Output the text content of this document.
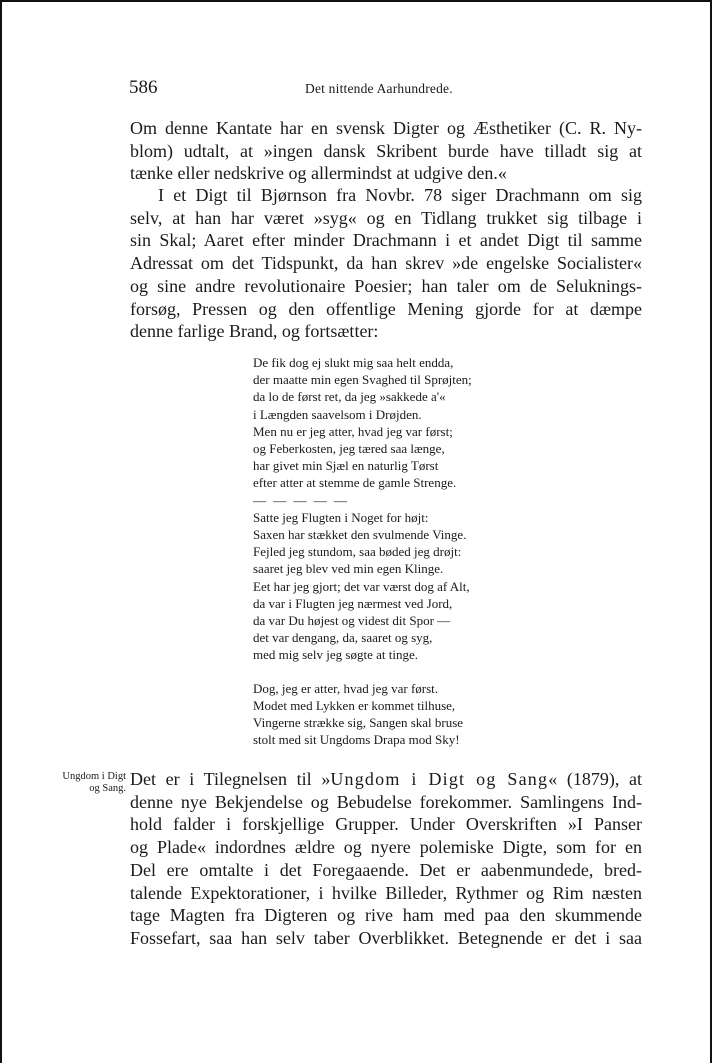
586	Det nittende Aarhundrede.
Om denne Kantate har en svensk Digter og Æsthetiker (C. R. Ny-
blom) udtalt, at »ingen dansk Skribent burde have tilladt sig at
tænke eller nedskrive og allermindst at udgive den.«
I et Digt til Bjørnson fra Novbr. 78 siger Drachmann om sig
selv, at han har været »syg« og en Tidlang trukket sig tilbage i
sin Skal; Aaret efter minder Drachmann i et andet Digt til samme
Adressat om det Tidspunkt, da han skrev »de engelske Socialister«
og sine andre revolutionaire Poesier; han taler om de Seluknings-
forsøg, Pressen og den offentlige Mening gjorde for at dæmpe
denne farlige Brand, og fortsætter:
De fik dog ej slukt mig saa helt endda,
der maatte min egen Svaghed til Sprøjten;
da lo de først ret, da jeg »sakkede a'«
i Længden saavelsom i Drøjden.
Men nu er jeg atter, hvad jeg var først;
og Feberkosten, jeg tæred saa længe,
har givet min Sjæl en naturlig Tørst
efter atter at stemme de gamle Strenge.
— — — — —
Satte jeg Flugten i Noget for højt:
Saxen har stækket den svulmende Vinge.
Fejled jeg stundom, saa bøded jeg drøjt:
saaret jeg blev ved min egen Klinge.
Eet har jeg gjort; det var værst dog af Alt,
da var i Flugten jeg nærmest ved Jord,
da var Du højest og videst dit Spor —
det var dengang, da, saaret og syg,
med mig selv jeg søgte at tinge.
Dog, jeg er atter, hvad jeg var først.
Modet med Lykken er kommet tilhuse,
Vingerne strække sig, Sangen skal bruse
stolt med sit Ungdoms Drapa mod Sky!
Ungdom i Digt
og Sang. Det er i Tilegnelsen til »Ungdom i Digt og Sang« (1879), at
denne nye Bekjendelse og Bebudelse forekommer. Samlingens Ind-
hold falder i forskjellige Grupper. Under Overskriften »I Panser
og Plade« indordnes ældre og nyere polemiske Digte, som for en
Del ere omtalte i det Foregaaende. Det er aabenmundede, bred-
talende Expektorationer, i hvilke Billeder, Rythmer og Rim næsten
tage Magten fra Digteren og rive ham med paa den skummende
Fossefart, saa han selv taber Overblikket. Betegnende er det i saa
